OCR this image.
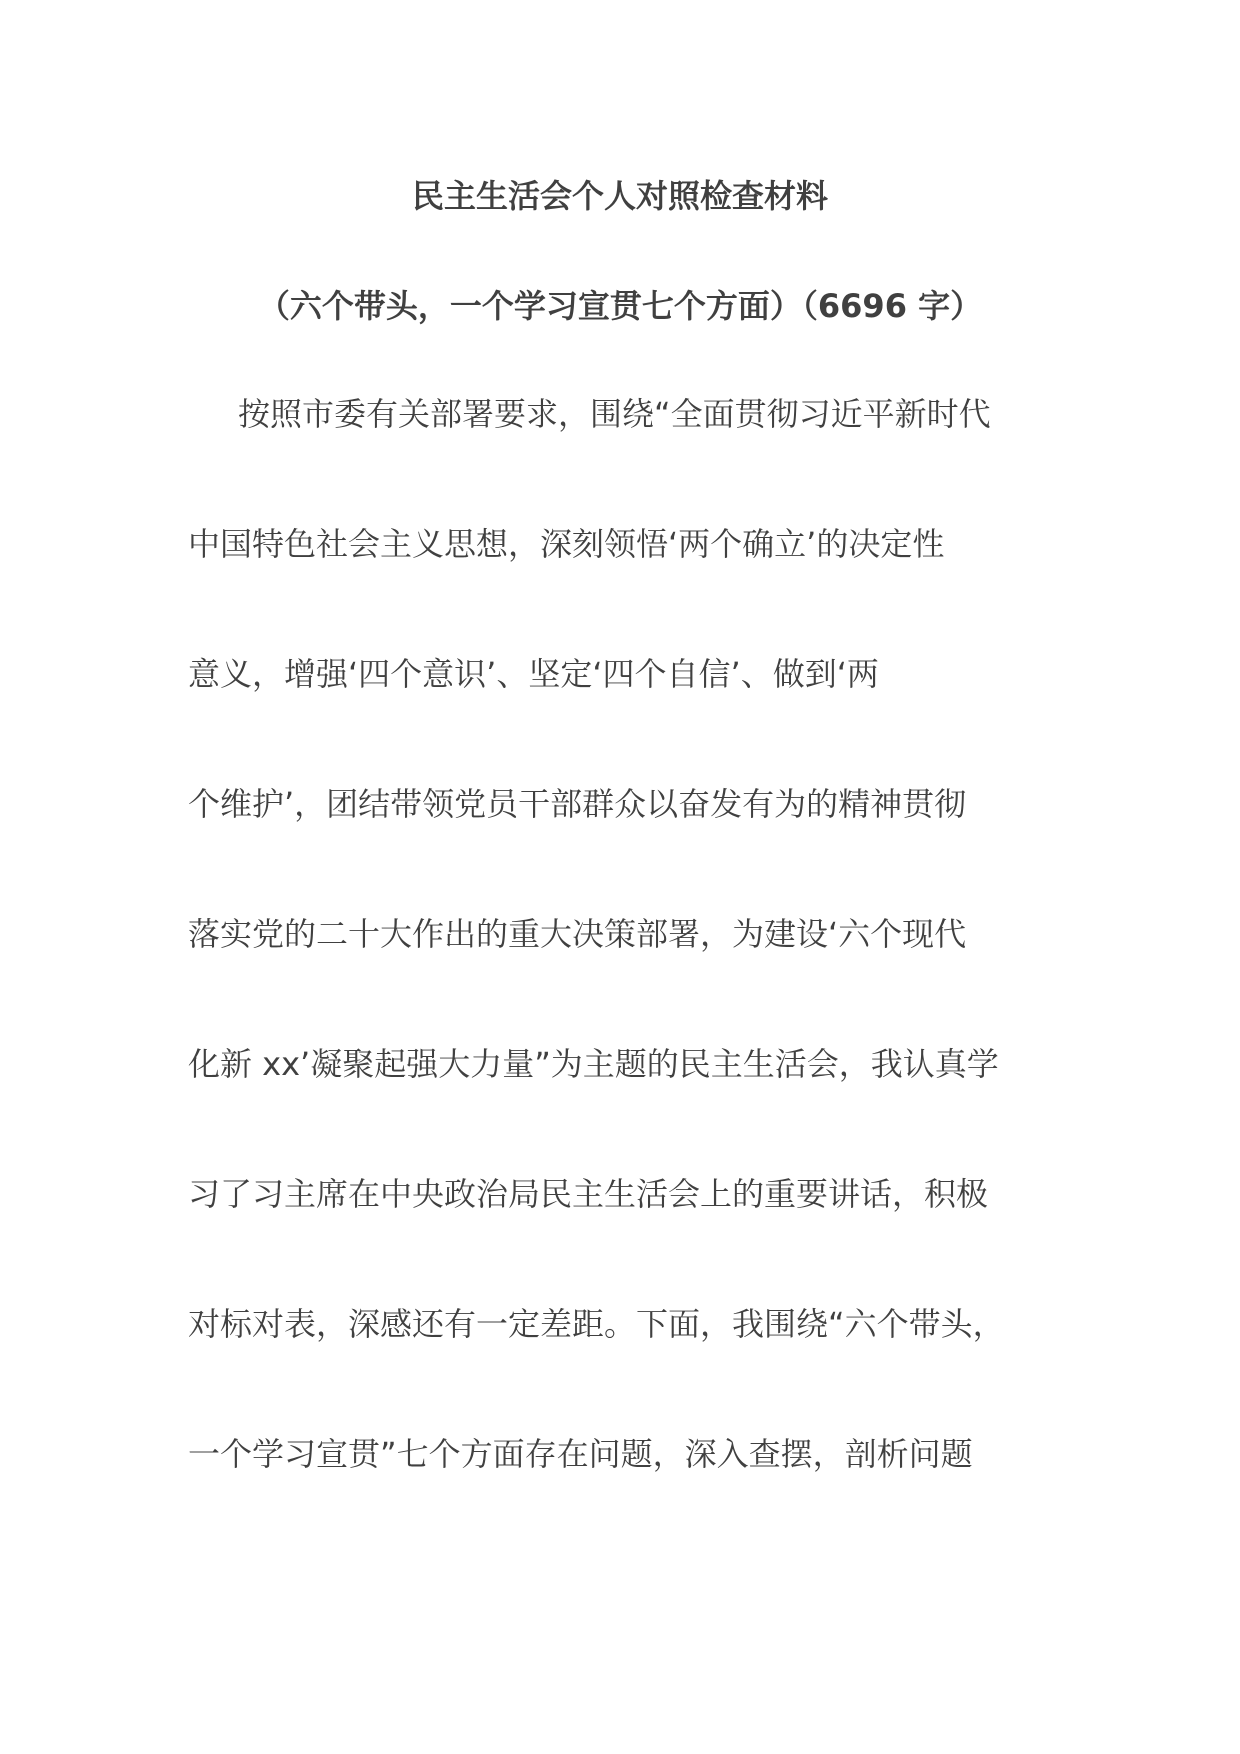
民主生活会个人对照检查材料
（六个带头，一个学习宣贯七个方面）（6696 字）
按照市委有关部署要求，围绕“全面贯彻习近平新时代
中国特色社会主义思想，深刻领悟‘两个确立’的决定性
意义，增强‘四个意识’、坚定‘四个自信’、做到‘两
个维护’，团结带领党员干部群众以奋发有为的精神贯彻
落实党的二十大作出的重大决策部署，为建设‘六个现代
化新 xx’凝聚起强大力量”为主题的民主生活会，我认真学
习了习主席在中央政治局民主生活会上的重要讲话，积极
对标对表，深感还有一定差距。下面，我围绕“六个带头，
一个学习宣贯”七个方面存在问题，深入查摆，剖析问题
